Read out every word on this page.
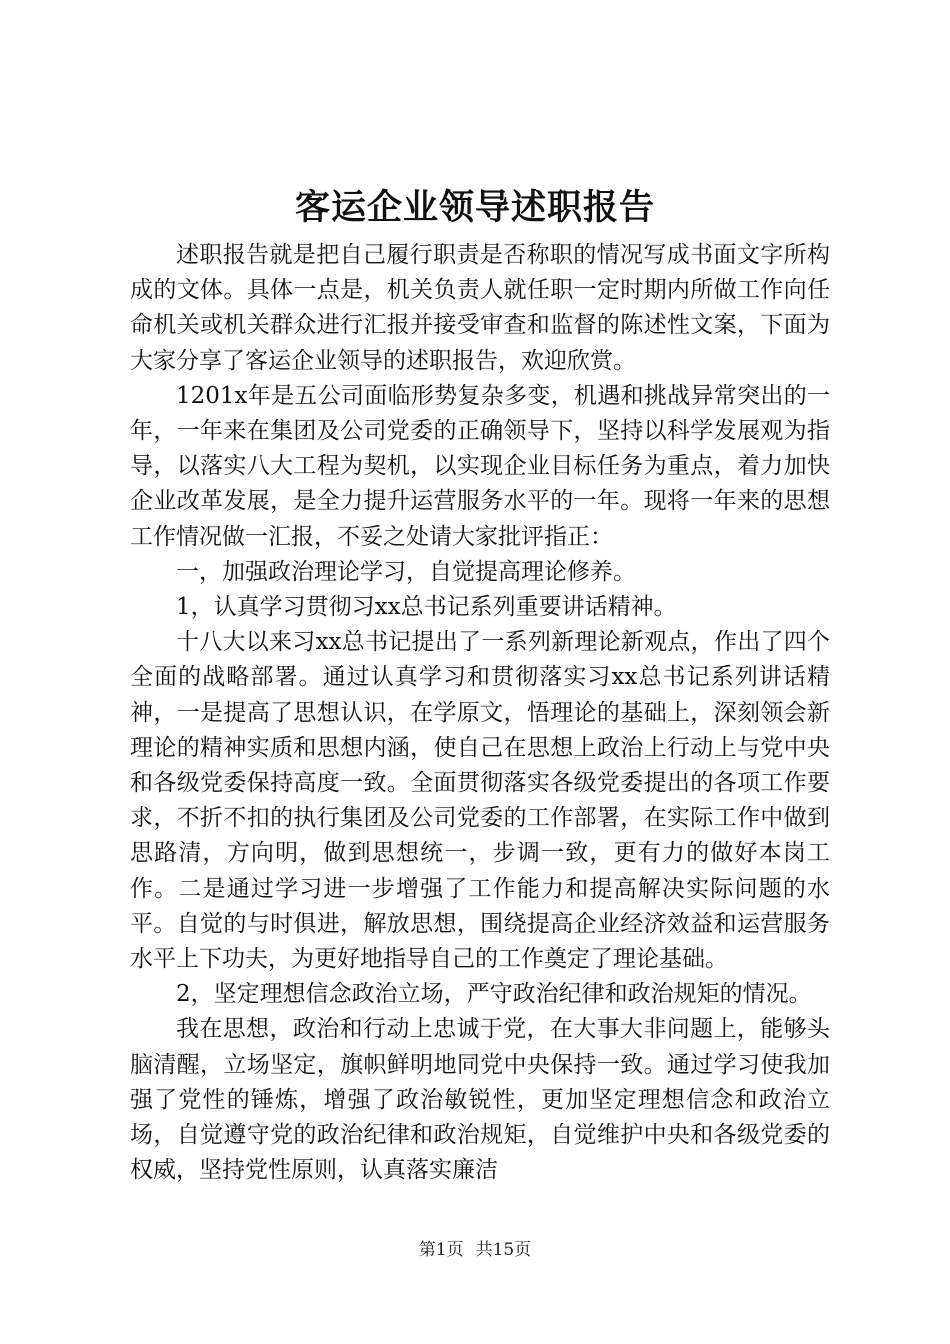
客运企业领导述职报告

述职报告就是把自己履行职责是否称职的情况写成书面文字所构成的文体。具体一点是，机关负责人就任职一定时期内所做工作向任命机关或机关群众进行汇报并接受审查和监督的陈述性文案，下面为大家分享了客运企业领导的述职报告，欢迎欣赏。

1201x年是五公司面临形势复杂多变，机遇和挑战异常突出的一年，一年来在集团及公司党委的正确领导下，坚持以科学发展观为指导，以落实八大工程为契机，以实现企业目标任务为重点，着力加快企业改革发展，是全力提升运营服务水平的一年。现将一年来的思想工作情况做一汇报，不妥之处请大家批评指正：

一，加强政治理论学习，自觉提高理论修养。

1，认真学习贯彻习xx总书记系列重要讲话精神。

十八大以来习xx总书记提出了一系列新理论新观点，作出了四个全面的战略部署。通过认真学习和贯彻落实习xx总书记系列讲话精神，一是提高了思想认识，在学原文，悟理论的基础上，深刻领会新理论的精神实质和思想内涵，使自己在思想上政治上行动上与党中央和各级党委保持高度一致。全面贯彻落实各级党委提出的各项工作要求，不折不扣的执行集团及公司党委的工作部署，在实际工作中做到思路清，方向明，做到思想统一，步调一致，更有力的做好本岗工作。二是通过学习进一步增强了工作能力和提高解决实际问题的水平。自觉的与时俱进，解放思想，围绕提高企业经济效益和运营服务水平上下功夫，为更好地指导自己的工作奠定了理论基础。

2，坚定理想信念政治立场，严守政治纪律和政治规矩的情况。

我在思想，政治和行动上忠诚于党，在大事大非问题上，能够头脑清醒，立场坚定，旗帜鲜明地同党中央保持一致。通过学习使我加强了党性的锤炼，增强了政治敏锐性，更加坚定理想信念和政治立场，自觉遵守党的政治纪律和政治规矩，自觉维护中央和各级党委的权威，坚持党性原则，认真落实廉洁

第1页 共15页
